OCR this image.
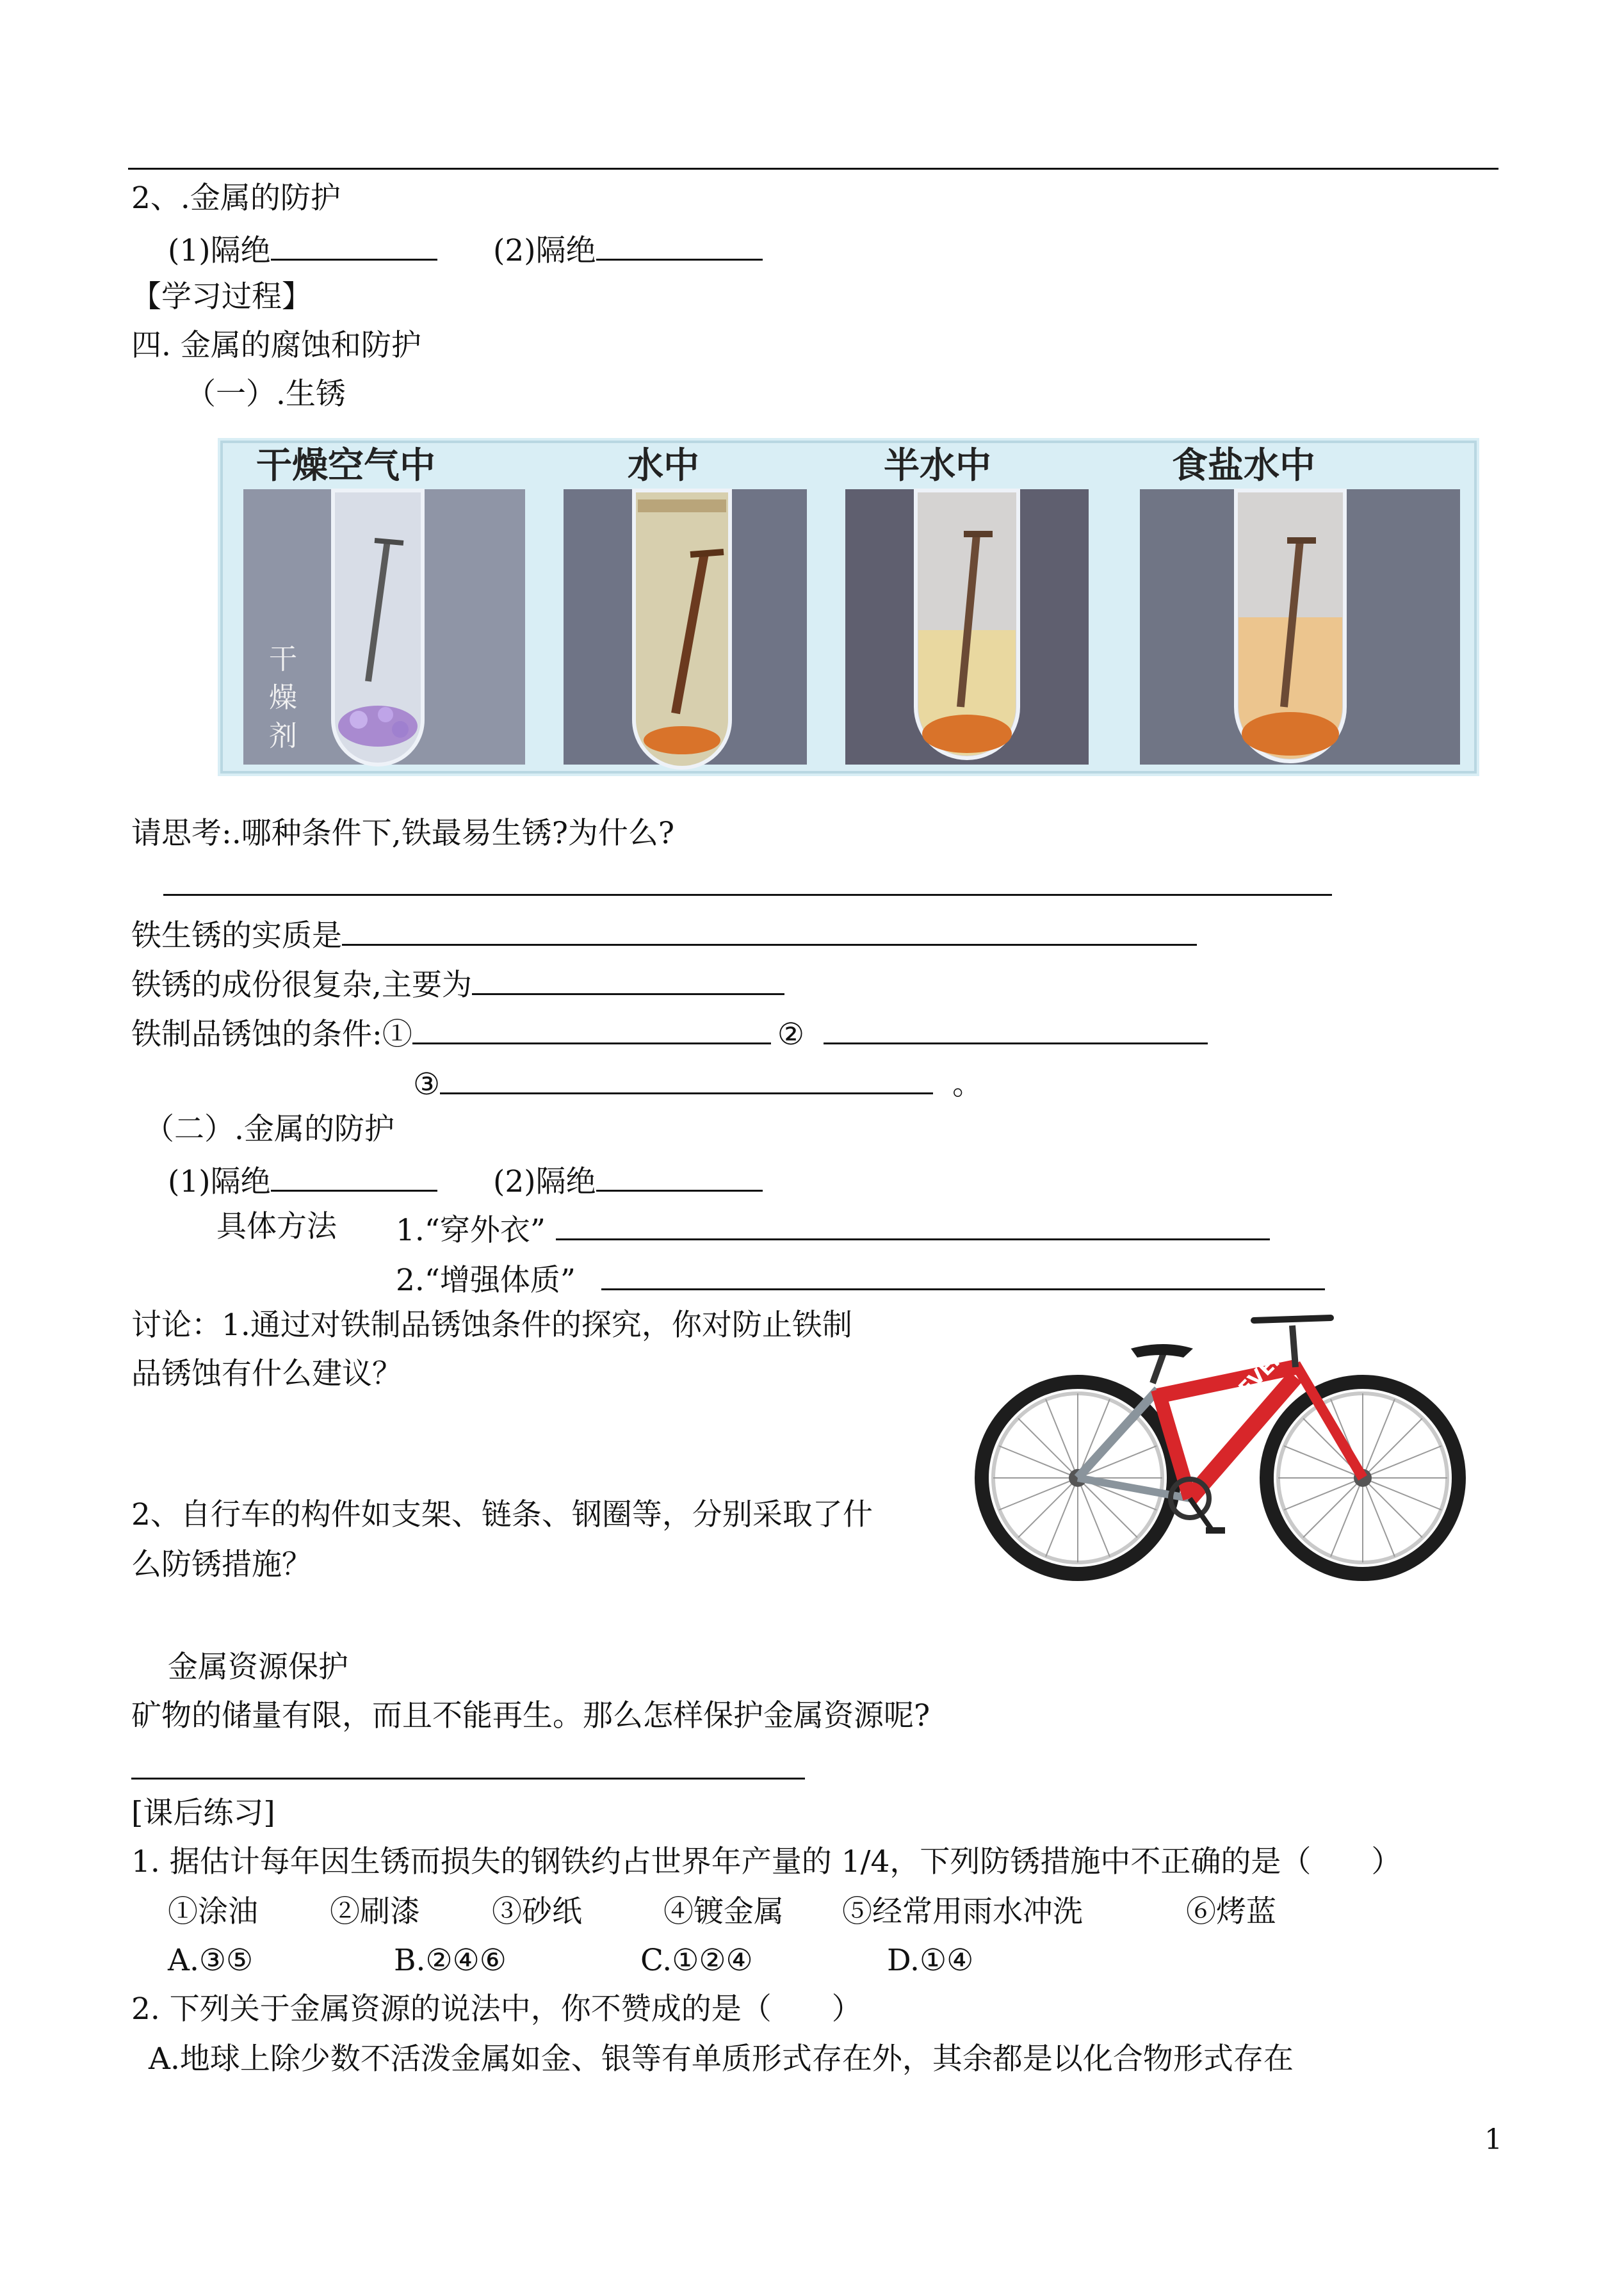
2、.金属的防护
(1)隔绝	(2)隔绝
【学习过程】
四. 金属的腐蚀和防护
（一）.生锈
干燥空气中	水中	半水中	食盐水中
干
燥
剂
请思考:.哪种条件下,铁最易生锈?为什么?
铁生锈的实质是
铁锈的成份很复杂,主要为
铁制品锈蚀的条件:①	②
③	。
（二）.金属的防护
(1)隔绝	(2)隔绝
具体方法 1.“穿外衣”
2.“增强体质”
讨论：1.通过对铁制品锈蚀条件的探究，你对防止铁制
品锈蚀有什么建议？
2、自行车的构件如支架、链条、钢圈等，分别采取了什
么防锈措施？
FOREVER
金属资源保护
矿物的储量有限，而且不能再生。那么怎样保护金属资源呢?
[课后练习]
1. 据估计每年因生锈而损失的钢铁约占世界年产量的 1/4，下列防锈措施中不正确的是（　　）
①涂油 ②刷漆 ③砂纸	④镀金属 ⑤经常用雨水冲洗	⑥烤蓝
A.③⑤	B.②④⑥	C.①②④	D.①④
2. 下列关于金属资源的说法中，你不赞成的是（　　）
A.地球上除少数不活泼金属如金、银等有单质形式存在外，其余都是以化合物形式存在
1
